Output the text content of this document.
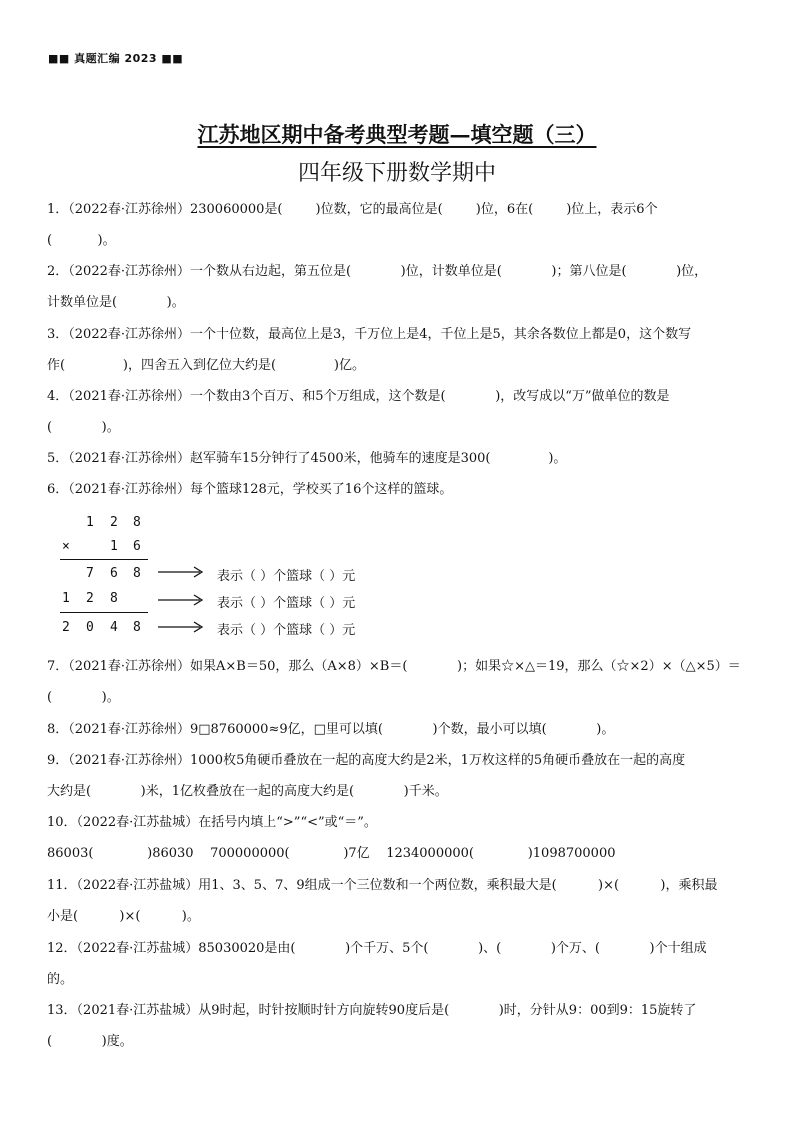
■■ 真题汇编 2023 ■■
江苏地区期中备考典型考题—填空题（三）
四年级下册数学期中
1．（2022春·江苏徐州）230060000是(        )位数，它的最高位是(        )位，6在(        )位上，表示6个
(           )。
2．（2022春·江苏徐州）一个数从右边起，第五位是(            )位，计数单位是(            )；第八位是(            )位，
计数单位是(            )。
3．（2022春·江苏徐州）一个十位数，最高位上是3，千万位上是4，千位上是5，其余各数位上都是0，这个数写
作(              )，四舍五入到亿位大约是(              )亿。
4．（2021春·江苏徐州）一个数由3个百万、和5个万组成，这个数是(            )，改写成以“万”做单位的数是
(            )。
5．（2021春·江苏徐州）赵军骑车15分钟行了4500米，他骑车的速度是300(              )。
6．（2021春·江苏徐州）每个篮球128元，学校买了16个这样的篮球。
1 2 8
×	1 6
7 6 8
1 2 8
2 0 4 8
表示（ ）个篮球（ ）元
表示（ ）个篮球（ ）元
表示（ ）个篮球（ ）元
7．（2021春·江苏徐州）如果A×B＝50，那么（A×8）×B＝(            )；如果☆×△＝19，那么（☆×2）×（△×5）＝
(            )。
8．（2021春·江苏徐州）9□8760000≈9亿，□里可以填(            )个数，最小可以填(            )。
9．（2021春·江苏徐州）1000枚5角硬币叠放在一起的高度大约是2米，1万枚这样的5角硬币叠放在一起的高度
大约是(            )米，1亿枚叠放在一起的高度大约是(            )千米。
10．（2022春·江苏盐城）在括号内填上“>”“<”或“＝”。
86003(             )86030    700000000(             )7亿    1234000000(             )1098700000
11．（2022春·江苏盐城）用1、3、5、7、9组成一个三位数和一个两位数，乘积最大是(          )×(          )，乘积最
小是(          )×(          )。
12．（2022春·江苏盐城）85030020是由(            )个千万、5个(            )、(            )个万、(            )个十组成
的。
13．（2021春·江苏盐城）从9时起，时针按顺时针方向旋转90度后是(            )时，分针从9：00到9：15旋转了
(            )度。
